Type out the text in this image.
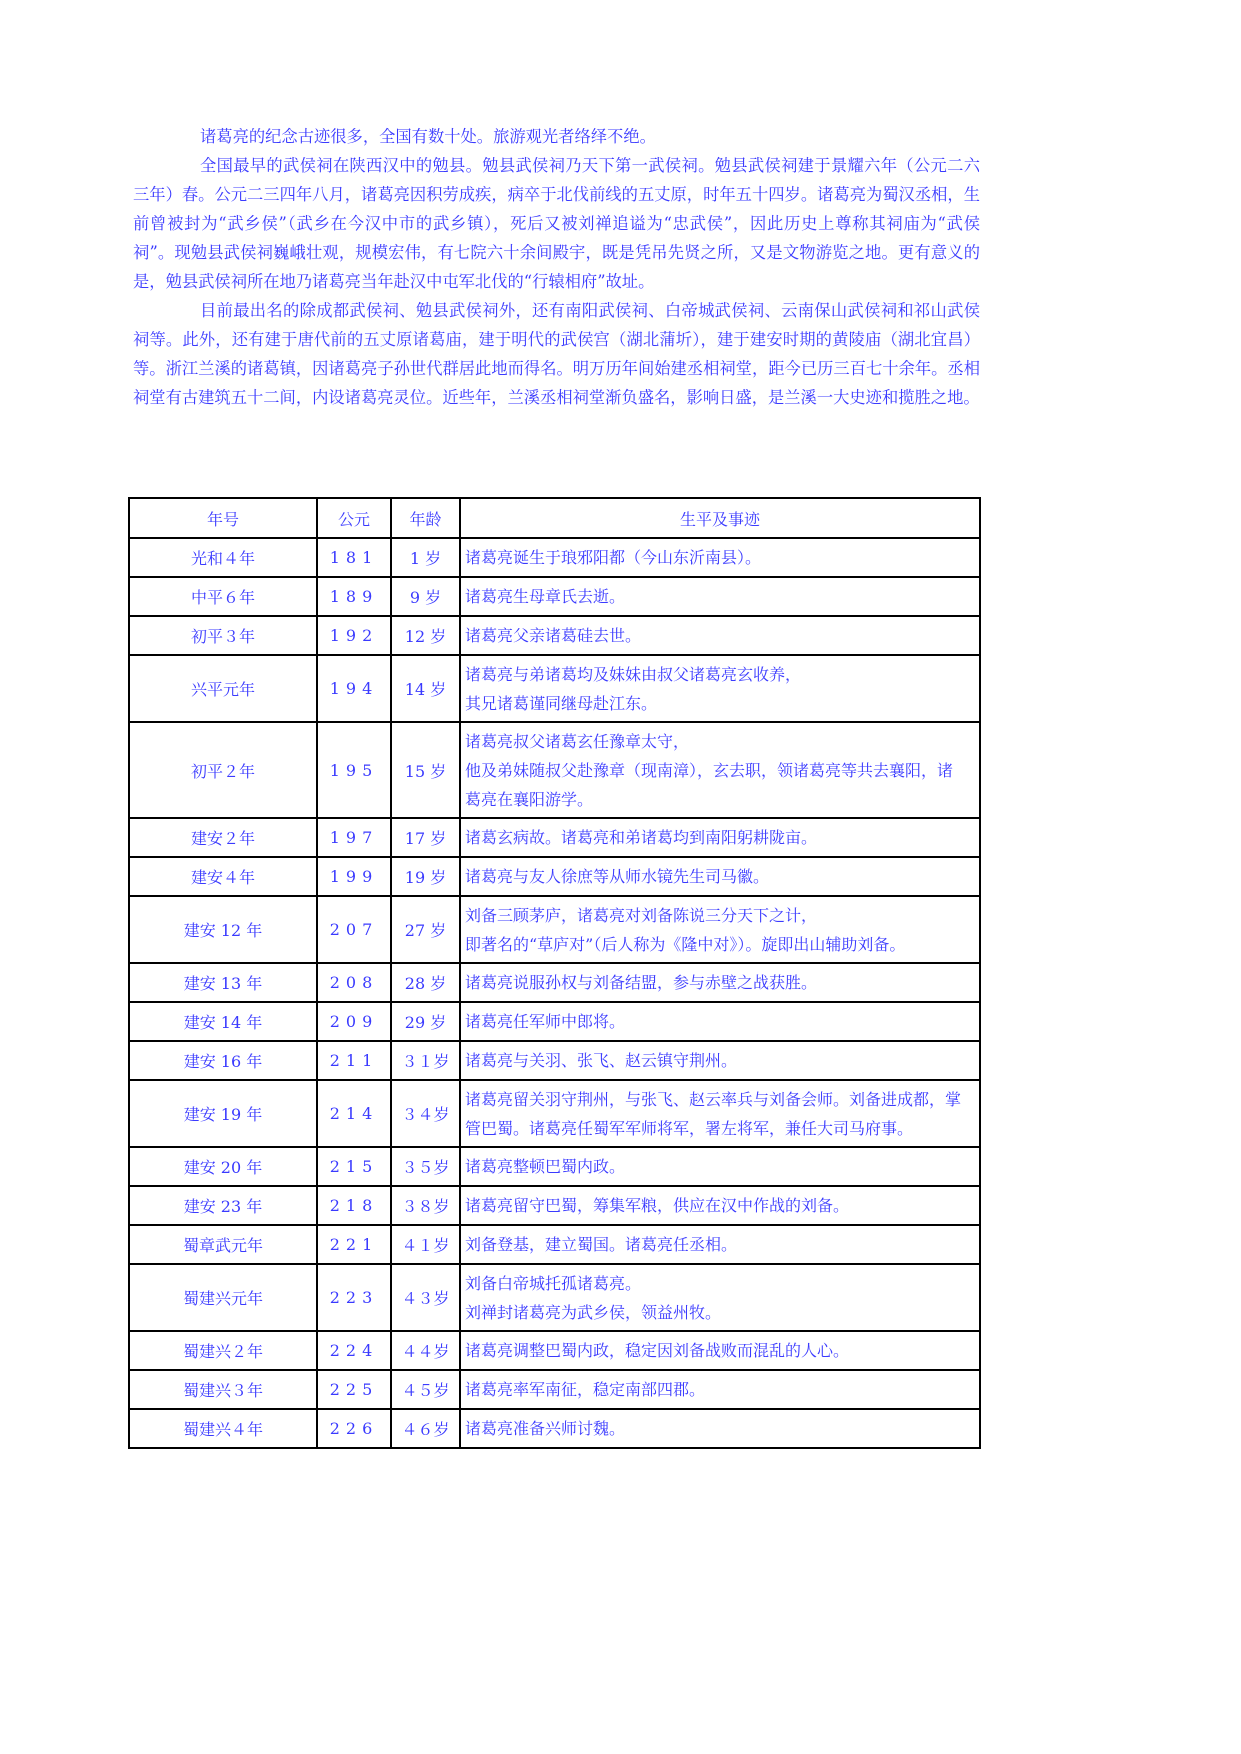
诸葛亮的纪念古迹很多，全国有数十处。旅游观光者络绎不绝。

全国最早的武侯祠在陕西汉中的勉县。勉县武侯祠乃天下第一武侯祠。勉县武侯祠建于景耀六年（公元二六三年）春。公元二三四年八月，诸葛亮因积劳成疾，病卒于北伐前线的五丈原，时年五十四岁。诸葛亮为蜀汉丞相，生前曾被封为“武乡侯”（武乡在今汉中市的武乡镇），死后又被刘禅追谥为“忠武侯”，因此历史上尊称其祠庙为“武侯祠”。现勉县武侯祠巍峨壮观，规模宏伟，有七院六十余间殿宇，既是凭吊先贤之所，又是文物游览之地。更有意义的是，勉县武侯祠所在地乃诸葛亮当年赴汉中屯军北伐的“行辕相府”故址。

目前最出名的除成都武侯祠、勉县武侯祠外，还有南阳武侯祠、白帝城武侯祠、云南保山武侯祠和祁山武侯祠等。此外，还有建于唐代前的五丈原诸葛庙，建于明代的武侯宫（湖北蒲圻），建于建安时期的黄陵庙（湖北宜昌）等。浙江兰溪的诸葛镇，因诸葛亮子孙世代群居此地而得名。明万历年间始建丞相祠堂，距今已历三百七十余年。丞相祠堂有古建筑五十二间，内设诸葛亮灵位。近些年，兰溪丞相祠堂渐负盛名，影响日盛，是兰溪一大史迹和揽胜之地。

年号	公元	年龄	生平及事迹
光和４年	181	1 岁	诸葛亮诞生于琅邪阳都（今山东沂南县）。

中平６年	189	9 岁	诸葛亮生母章氏去逝。

初平３年	192	12 岁	诸葛亮父亲诸葛硅去世。

兴平元年	194	14 岁	诸葛亮与弟诸葛均及妹妹由叔父诸葛亮玄收养，
其兄诸葛谨同继母赴江东。

初平２年	195	15 岁	诸葛亮叔父诸葛玄任豫章太守，
他及弟妹随叔父赴豫章（现南漳），玄去职，领诸葛亮等共去襄阳，诸
葛亮在襄阳游学。

建安２年	197	17 岁	诸葛玄病故。诸葛亮和弟诸葛均到南阳躬耕陇亩。

建安４年	199	19 岁	诸葛亮与友人徐庶等从师水镜先生司马徽。

建安 12 年	207	27 岁	刘备三顾茅庐，诸葛亮对刘备陈说三分天下之计，
即著名的“草庐对”（后人称为《隆中对》）。旋即出山辅助刘备。

建安 13 年	208	28 岁	诸葛亮说服孙权与刘备结盟，参与赤壁之战获胜。

建安 14 年	209	29 岁	诸葛亮任军师中郎将。

建安 16 年	211	３１岁	诸葛亮与关羽、张飞、赵云镇守荆州。

建安 19 年	214	３４岁	诸葛亮留关羽守荆州，与张飞、赵云率兵与刘备会师。刘备进成都，掌
管巴蜀。诸葛亮任蜀军军师将军，署左将军，兼任大司马府事。

建安 20 年	215	３５岁	诸葛亮整顿巴蜀内政。

建安 23 年	218	３８岁	诸葛亮留守巴蜀，筹集军粮，供应在汉中作战的刘备。

蜀章武元年	221	４１岁	刘备登基，建立蜀国。诸葛亮任丞相。

蜀建兴元年	223	４３岁	刘备白帝城托孤诸葛亮。
刘禅封诸葛亮为武乡侯，领益州牧。

蜀建兴２年	224	４４岁	诸葛亮调整巴蜀内政，稳定因刘备战败而混乱的人心。

蜀建兴３年	225	４５岁	诸葛亮率军南征，稳定南部四郡。

蜀建兴４年	226	４６岁	诸葛亮准备兴师讨魏。
